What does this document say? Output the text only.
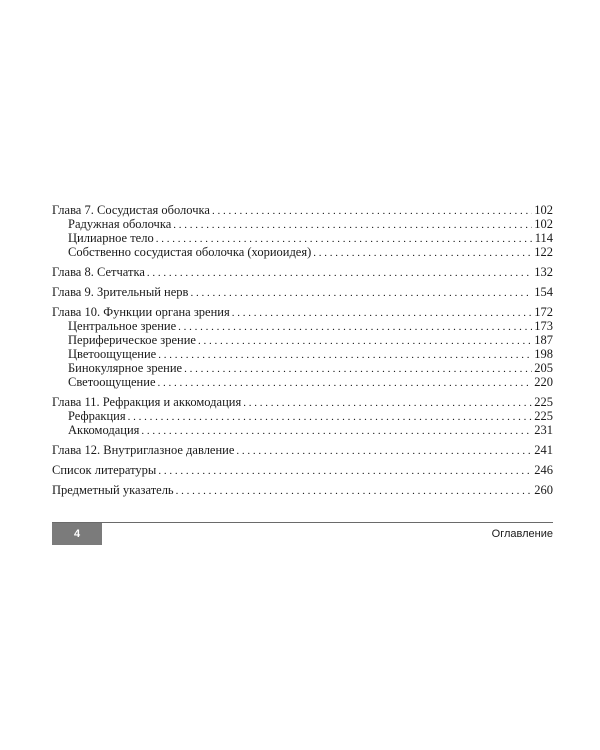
Глава 7. Сосудистая оболочка . . .	102
Радужная оболочка . . .	102
Цилиарное тело . . .	114
Собственно сосудистая оболочка (хориоидея) . . .	122
Глава 8. Сетчатка . . .	132
Глава 9. Зрительный нерв . . .	154
Глава 10. Функции органа зрения . . .	172
Центральное зрение . . .	173
Периферическое зрение . . .	187
Цветоощущение . . .	198
Бинокулярное зрение . . .	205
Светоощущение . . .	220
Глава 11. Рефракция и аккомодация . . .	225
Рефракция . . .	225
Аккомодация . . .	231
Глава 12. Внутриглазное давление . . .	241
Список литературы . . .	246
Предметный указатель . . .	260
4	Оглавление
